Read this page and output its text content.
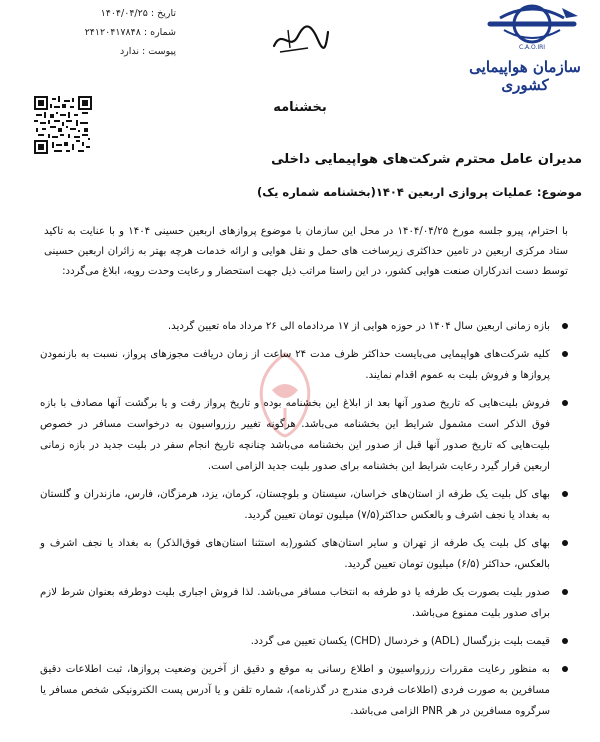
تاریخ : ۱۴۰۴/۰۴/۲۵
شماره : ۲۴۱۲۰۴۱۷۸۴۸
پیوست : ندارد	C.A.O.IRI
سازمان هواپیمایی کشوری
بخشنامه
مدیران عامل محترم شرکت‌های هواپیمایی داخلی
موضوع: عملیات پروازی اربعین ۱۴۰۴(بخشنامه شماره یک)
با احترام، پیرو جلسه مورخ ۱۴۰۴/۰۴/۲۵ در محل این سازمان با موضوع پروازهای اربعین حسینی ۱۴۰۴ و با عنایت به تاکید ستاد مرکزی اربعین در تامین حداکثری زیرساخت های حمل و نقل هوایی و ارائه خدمات هرچه بهتر به زائران اربعین حسینی توسط دست اندرکاران صنعت هوایی کشور، در این راستا مراتب ذیل جهت استحضار و رعایت وحدت رویه، ابلاغ می‌گردد:
بازه زمانی اربعین سال ۱۴۰۴ در حوزه هوایی از ۱۷ مردادماه الی ۲۶ مرداد ماه تعیین گردید.
کلیه شرکت‌های هواپیمایی می‌بایست حداکثر ظرف مدت ۲۴ ساعت از زمان دریافت مجوزهای پرواز، نسبت به بازنمودن پروازها و فروش بلیت به عموم اقدام نمایند.
فروش بلیت‌هایی که تاریخ صدور آنها بعد از ابلاغ این بخشنامه بوده و تاریخ پرواز رفت و یا برگشت آنها مصادف با بازه فوق الذکر است مشمول شرایط این بخشنامه می‌باشد. هرگونه تغییر رزرواسیون به درخواست مسافر در خصوص بلیت‌هایی که تاریخ صدور آنها قبل از صدور این بخشنامه می‌باشد چنانچه تاریخ انجام سفر در بلیت جدید در بازه زمانی اربعین قرار گیرد رعایت شرایط این بخشنامه برای صدور بلیت جدید الزامی است.
بهای کل بلیت یک طرفه از استان‌های خراسان، سیستان و بلوچستان، کرمان، یزد، هرمزگان، فارس، مازندران و گلستان به بغداد یا نجف اشرف و بالعکس حداکثر(۷/۵) میلیون تومان تعیین گردید.
بهای کل بلیت یک طرفه از تهران و سایر استان‌های کشور(به استثنا استان‌های فوق‌الذکر) به بغداد یا نجف اشرف و بالعکس، حداکثر (۶/۵) میلیون تومان تعیین گردید.
صدور بلیت بصورت یک طرفه یا دو طرفه به انتخاب مسافر می‌باشد. لذا فروش اجباری بلیت دوطرفه بعنوان شرط لازم برای صدور بلیت ممنوع می‌باشد.
قیمت بلیت بزرگسال (ADL) و خردسال (CHD) یکسان تعیین می گردد.
به منظور رعایت مقررات رزرواسیون و اطلاع رسانی به موقع و دقیق از آخرین وضعیت پروازها، ثبت اطلاعات دقیق مسافرین به صورت فردی (اطلاعات فردی مندرج در گذرنامه)، شماره تلفن و یا آدرس پست الکترونیکی شخص مسافر یا سرگروه مسافرین در هر PNR الزامی می‌باشد.
